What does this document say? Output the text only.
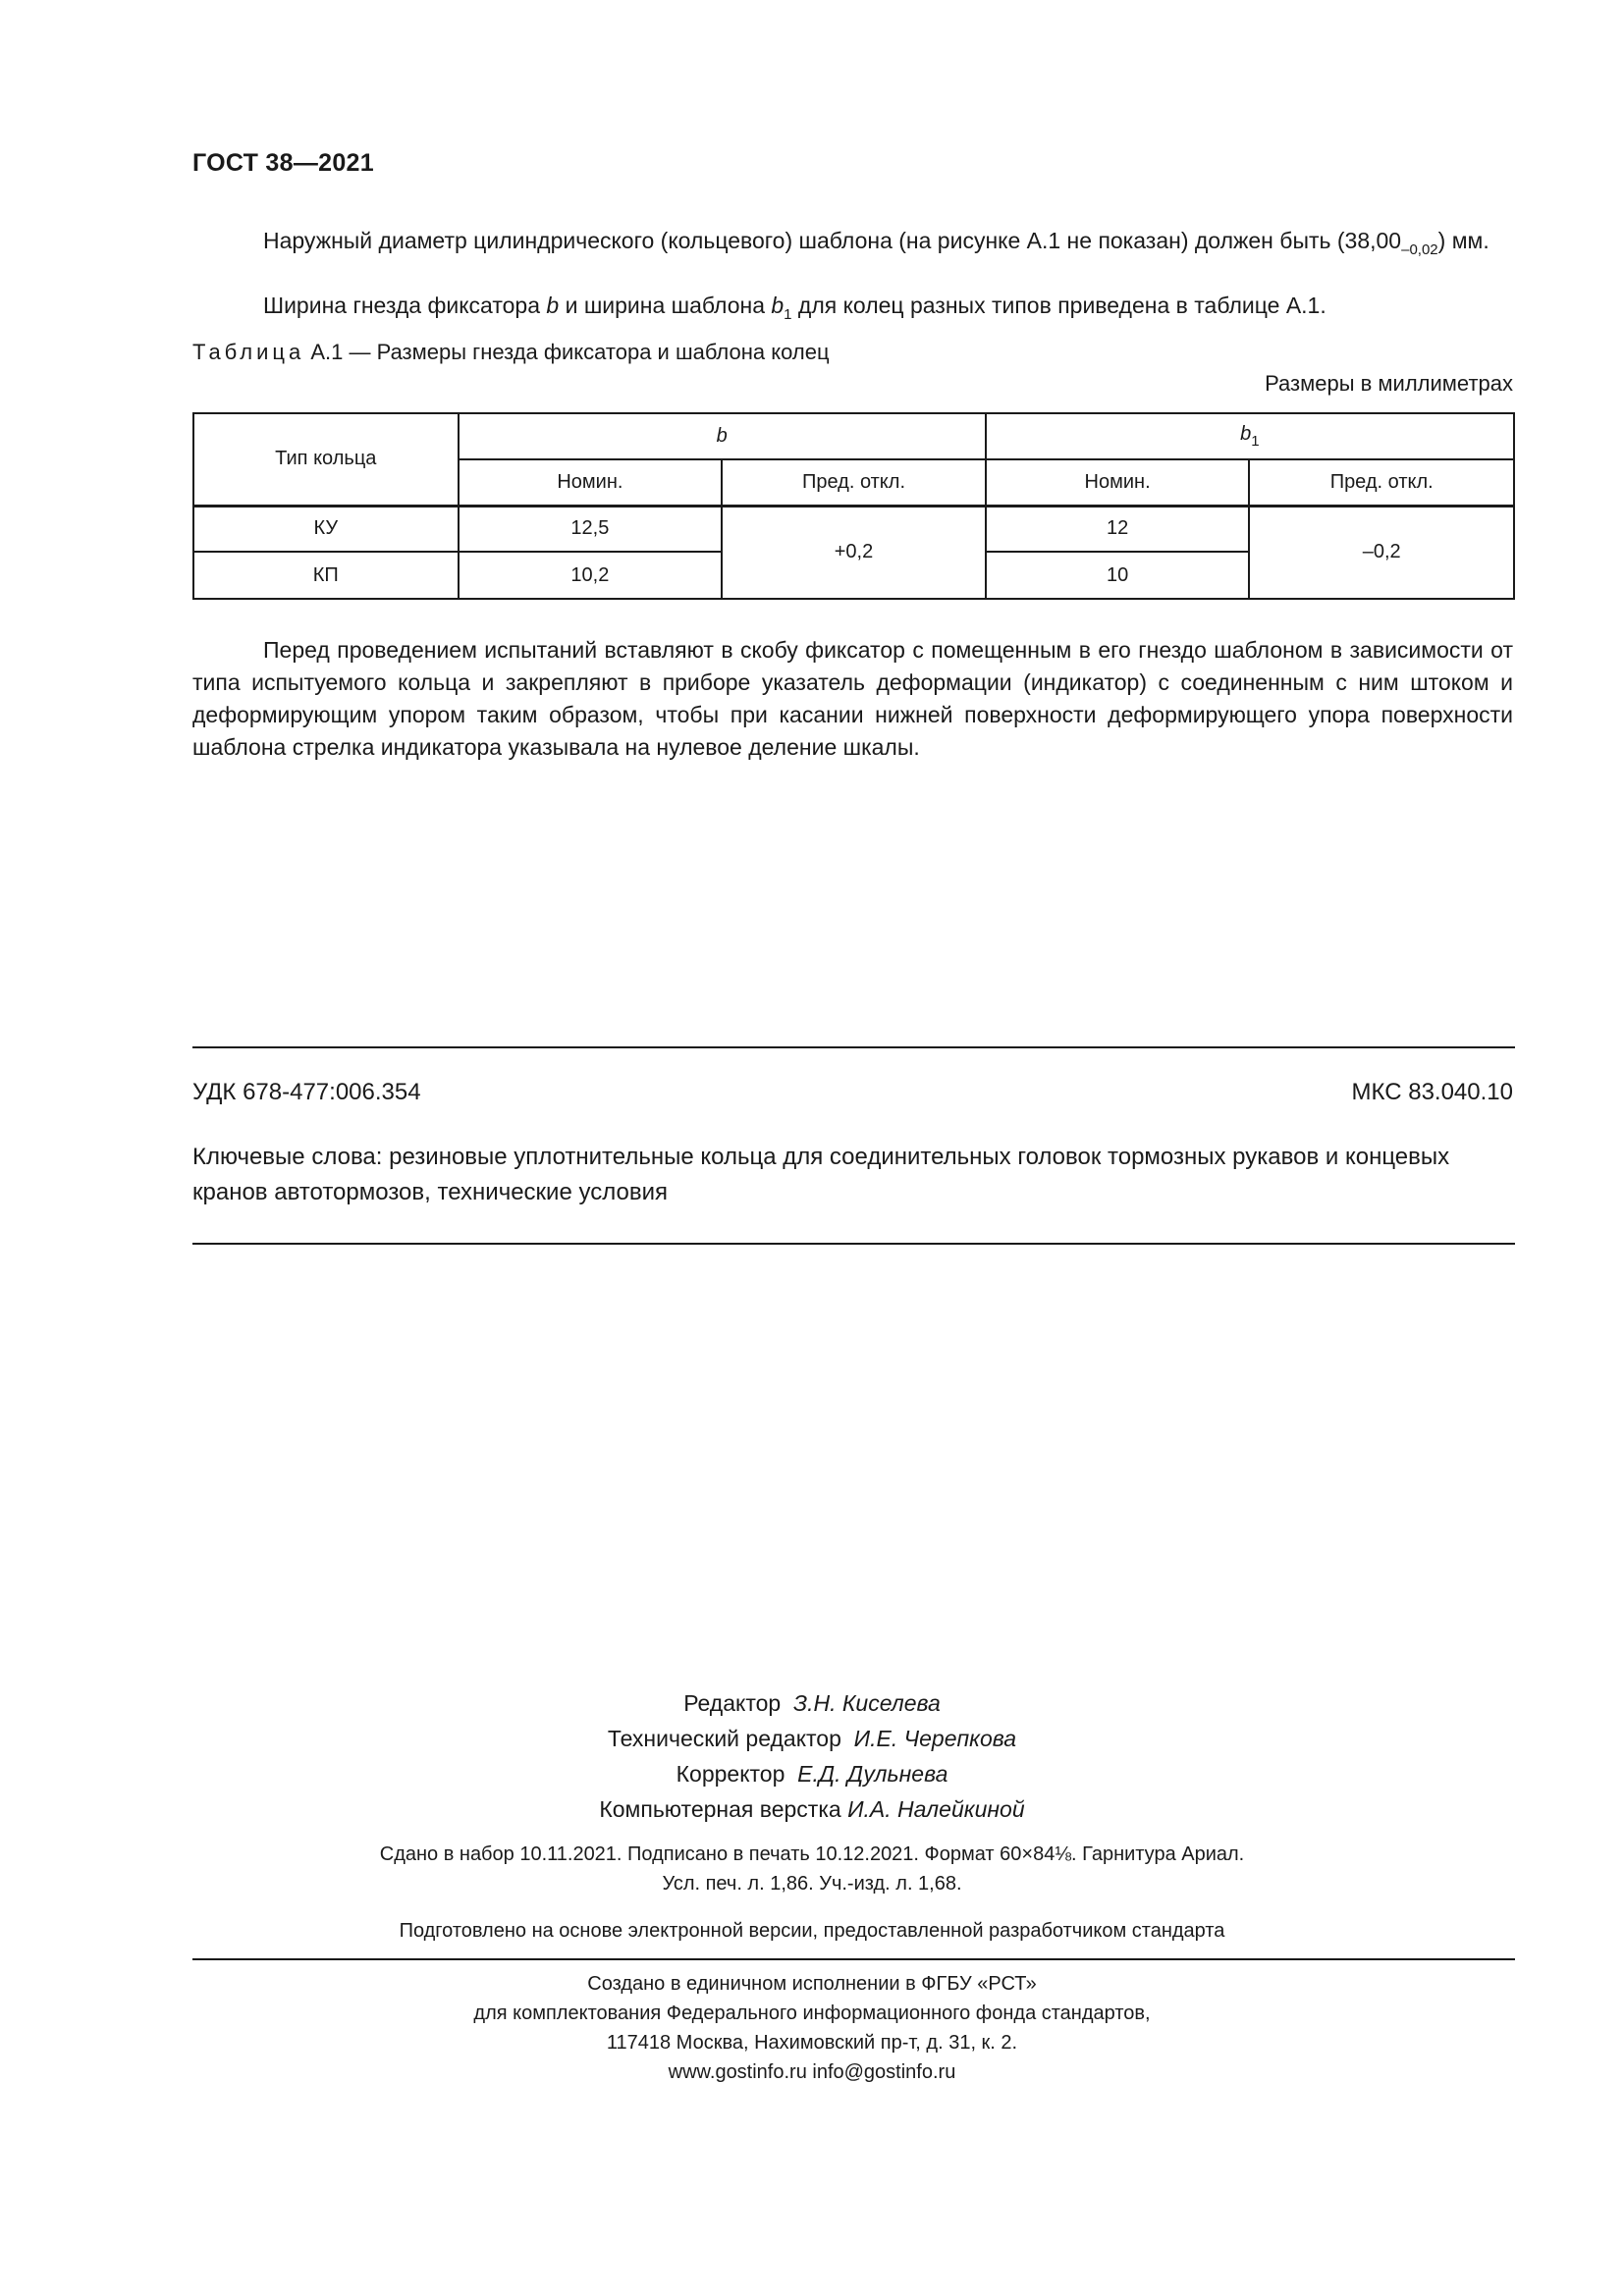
ГОСТ 38—2021
Наружный диаметр цилиндрического (кольцевого) шаблона (на рисунке А.1 не показан) должен быть $(38,00_{-0,02})$ мм.
Ширина гнезда фиксатора b и ширина шаблона $b_1$ для колец разных типов приведена в таблице А.1.
Таблица А.1 — Размеры гнезда фиксатора и шаблона колец
Размеры в миллиметрах
Тип кольца	b		$b_1$
	Номин.	Пред. откл.	Номин.	Пред. откл.
КУ	12,5	+0,2	12	–0,2
КП	10,2		10	
Перед проведением испытаний вставляют в скобу фиксатор с помещенным в его гнездо шаблоном в зависимости от типа испытуемого кольца и закрепляют в приборе указатель деформации (индикатор) с соединенным с ним штоком и деформирующим упором таким образом, чтобы при касании нижней поверхности деформирующего упора поверхности шаблона стрелка индикатора указывала на нулевое деление шкалы.
УДК 678-477:006.354	МКС 83.040.10
Ключевые слова: резиновые уплотнительные кольца для соединительных головок тормозных рукавов и концевых кранов автотормозов, технические условия
Редактор З.Н. Киселева
Технический редактор И.Е. Черепкова
Корректор Е.Д. Дульнева
Компьютерная верстка И.А. Налейкиной
Сдано в набор 10.11.2021. Подписано в печать 10.12.2021. Формат 60×84⅛. Гарнитура Ариал.
Усл. печ. л. 1,86. Уч.-изд. л. 1,68.
Подготовлено на основе электронной версии, предоставленной разработчиком стандарта
Создано в единичном исполнении в ФГБУ «РСТ»
для комплектования Федерального информационного фонда стандартов,
117418 Москва, Нахимовский пр-т, д. 31, к. 2.
www.gostinfo.ru info@gostinfo.ru
